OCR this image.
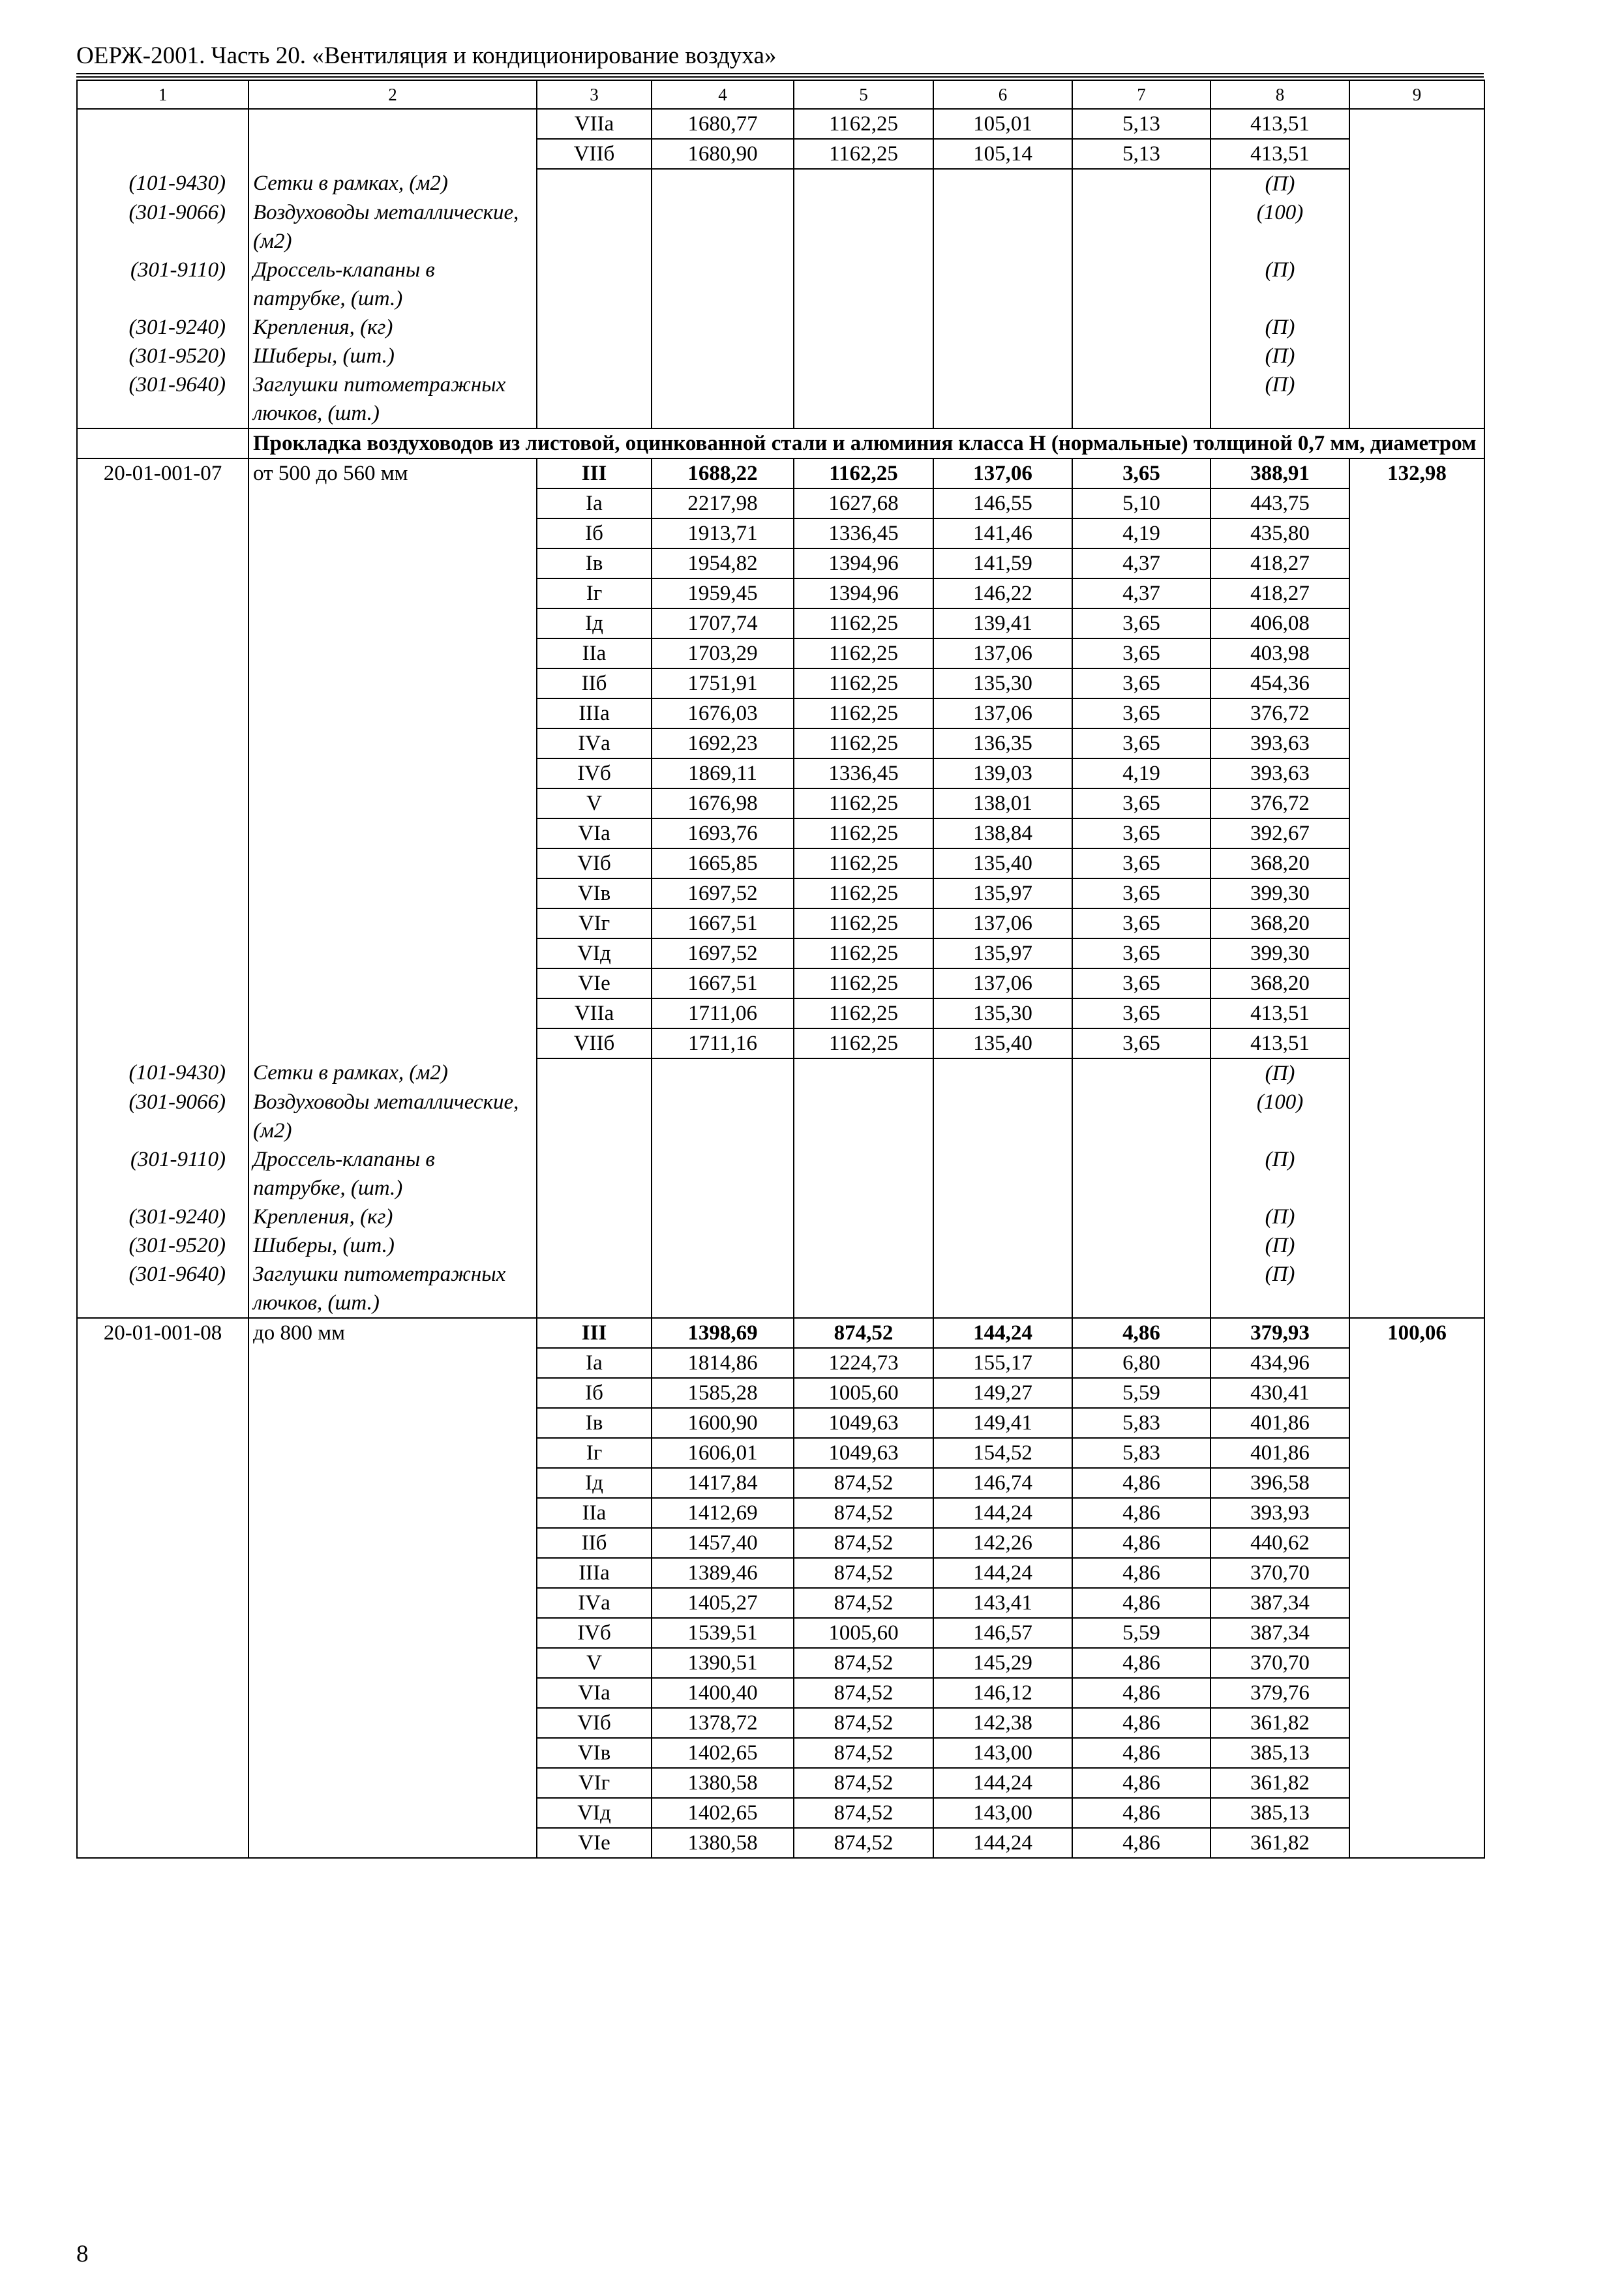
ОЕРЖ-2001. Часть 20. «Вентиляция и кондиционирование воздуха»
1	2	3	4	5	6	7	8	9
		VIIа	1680,77	1162,25	105,01	5,13	413,51	
		VIIб	1680,90	1162,25	105,14	5,13	413,51	
(101-9430)	Сетки в рамках, (м2)						(П)	
(301-9066)	Воздуховоды металлические, (м2)						(100)	
(301-9110)	Дроссель-клапаны в патрубке, (шт.)						(П)	
(301-9240)	Крепления, (кг)						(П)	
(301-9520)	Шиберы, (шт.)						(П)	
(301-9640)	Заглушки питометражных лючков, (шт.)						(П)	
	Прокладка воздуховодов из листовой, оцинкованной стали и алюминия класса Н (нормальные) толщиной 0,7 мм, диаметром							
20-01-001-07	от 500 до 560 мм	III	1688,22	1162,25	137,06	3,65	388,91	132,98
		Iа	2217,98	1627,68	146,55	5,10	443,75	
		Iб	1913,71	1336,45	141,46	4,19	435,80	
		Iв	1954,82	1394,96	141,59	4,37	418,27	
		Iг	1959,45	1394,96	146,22	4,37	418,27	
		Iд	1707,74	1162,25	139,41	3,65	406,08	
		IIа	1703,29	1162,25	137,06	3,65	403,98	
		IIб	1751,91	1162,25	135,30	3,65	454,36	
		IIIа	1676,03	1162,25	137,06	3,65	376,72	
		IVа	1692,23	1162,25	136,35	3,65	393,63	
		IVб	1869,11	1336,45	139,03	4,19	393,63	
		V	1676,98	1162,25	138,01	3,65	376,72	
		VIа	1693,76	1162,25	138,84	3,65	392,67	
		VIб	1665,85	1162,25	135,40	3,65	368,20	
		VIв	1697,52	1162,25	135,97	3,65	399,30	
		VIг	1667,51	1162,25	137,06	3,65	368,20	
		VIд	1697,52	1162,25	135,97	3,65	399,30	
		VIе	1667,51	1162,25	137,06	3,65	368,20	
		VIIа	1711,06	1162,25	135,30	3,65	413,51	
		VIIб	1711,16	1162,25	135,40	3,65	413,51	
(101-9430)	Сетки в рамках, (м2)						(П)	
(301-9066)	Воздуховоды металлические, (м2)						(100)	
(301-9110)	Дроссель-клапаны в патрубке, (шт.)						(П)	
(301-9240)	Крепления, (кг)						(П)	
(301-9520)	Шиберы, (шт.)						(П)	
(301-9640)	Заглушки питометражных лючков, (шт.)						(П)	
20-01-001-08	до 800 мм	III	1398,69	874,52	144,24	4,86	379,93	100,06
		Iа	1814,86	1224,73	155,17	6,80	434,96	
		Iб	1585,28	1005,60	149,27	5,59	430,41	
		Iв	1600,90	1049,63	149,41	5,83	401,86	
		Iг	1606,01	1049,63	154,52	5,83	401,86	
		Iд	1417,84	874,52	146,74	4,86	396,58	
		IIа	1412,69	874,52	144,24	4,86	393,93	
		IIб	1457,40	874,52	142,26	4,86	440,62	
		IIIа	1389,46	874,52	144,24	4,86	370,70	
		IVа	1405,27	874,52	143,41	4,86	387,34	
		IVб	1539,51	1005,60	146,57	5,59	387,34	
		V	1390,51	874,52	145,29	4,86	370,70	
		VIа	1400,40	874,52	146,12	4,86	379,76	
		VIб	1378,72	874,52	142,38	4,86	361,82	
		VIв	1402,65	874,52	143,00	4,86	385,13	
		VIг	1380,58	874,52	144,24	4,86	361,82	
		VIд	1402,65	874,52	143,00	4,86	385,13	
		VIе	1380,58	874,52	144,24	4,86	361,82	
8
